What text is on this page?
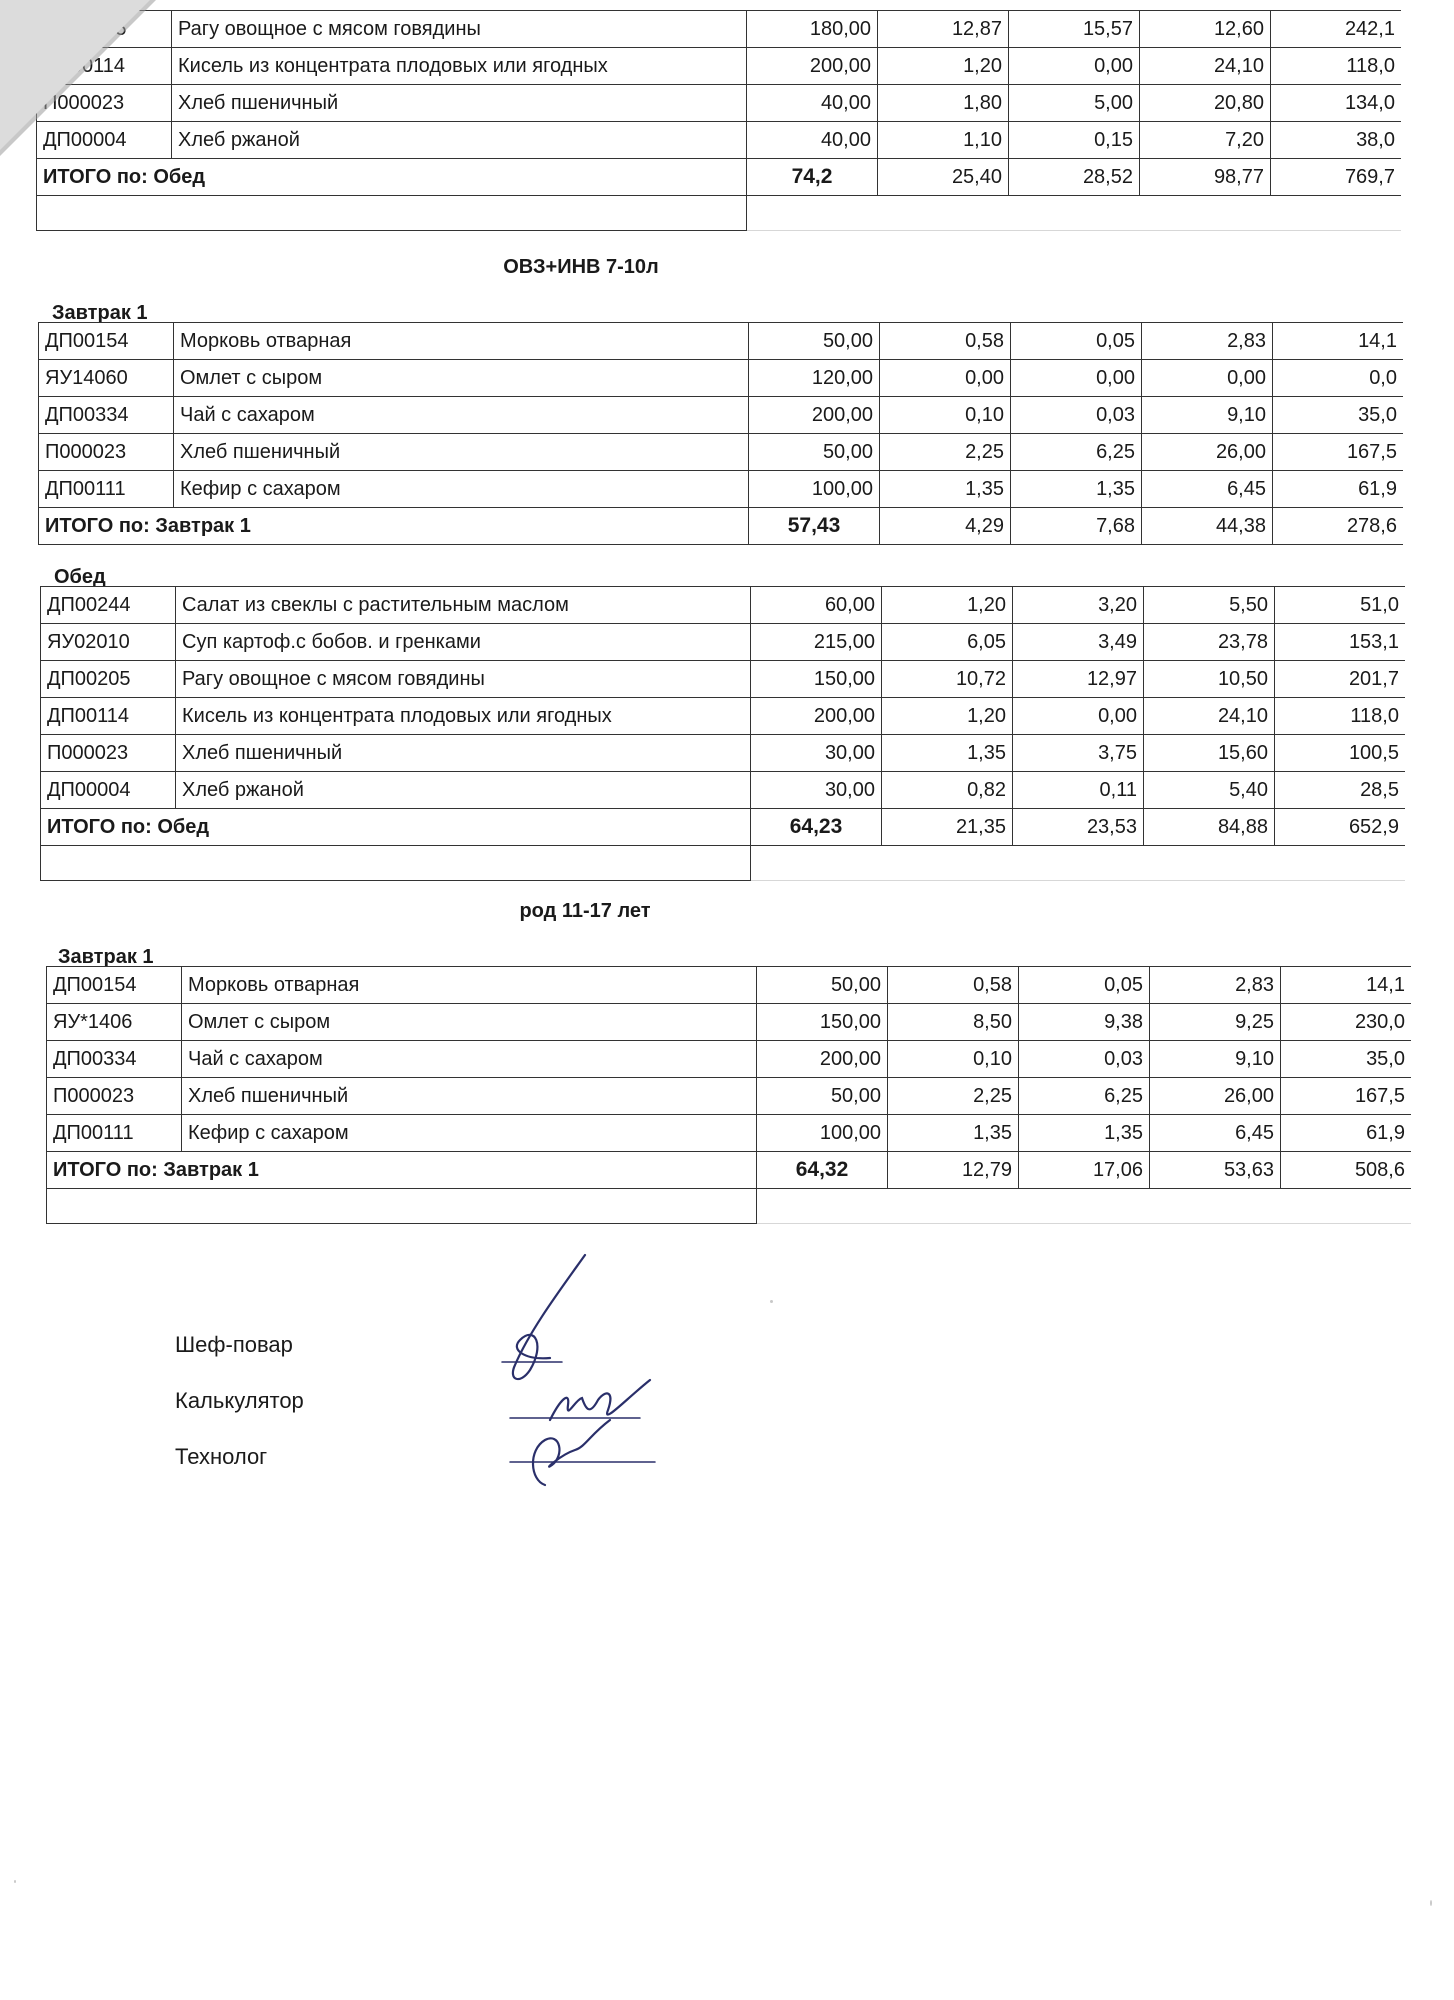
ДП00205	Рагу овощное с мясом говядины	180,00	12,87	15,57	12,60	242,1
ДП00114	Кисель из концентрата плодовых или ягодных	200,00	1,20	0,00	24,10	118,0
П000023	Хлеб пшеничный	40,00	1,80	5,00	20,80	134,0
ДП00004	Хлеб ржаной	40,00	1,10	0,15	7,20	38,0
ИТОГО по: Обед		74,2	25,40	28,52	98,77	769,7

ОВЗ+ИНВ 7-10л
Завтрак 1
ДП00154	Морковь отварная	50,00	0,58	0,05	2,83	14,1
ЯУ14060	Омлет с сыром	120,00	0,00	0,00	0,00	0,0
ДП00334	Чай с сахаром	200,00	0,10	0,03	9,10	35,0
П000023	Хлеб пшеничный	50,00	2,25	6,25	26,00	167,5
ДП00111	Кефир с сахаром	100,00	1,35	1,35	6,45	61,9
ИТОГО по: Завтрак 1		57,43	4,29	7,68	44,38	278,6
Обед
ДП00244	Салат из свеклы с растительным маслом	60,00	1,20	3,20	5,50	51,0
ЯУ02010	Суп картоф.с бобов. и гренками	215,00	6,05	3,49	23,78	153,1
ДП00205	Рагу овощное с мясом говядины	150,00	10,72	12,97	10,50	201,7
ДП00114	Кисель из концентрата плодовых или ягодных	200,00	1,20	0,00	24,10	118,0
П000023	Хлеб пшеничный	30,00	1,35	3,75	15,60	100,5
ДП00004	Хлеб ржаной	30,00	0,82	0,11	5,40	28,5
ИТОГО по: Обед		64,23	21,35	23,53	84,88	652,9

род 11-17 лет
Завтрак 1
ДП00154	Морковь отварная	50,00	0,58	0,05	2,83	14,1
ЯУ*1406	Омлет с сыром	150,00	8,50	9,38	9,25	230,0
ДП00334	Чай с сахаром	200,00	0,10	0,03	9,10	35,0
П000023	Хлеб пшеничный	50,00	2,25	6,25	26,00	167,5
ДП00111	Кефир с сахаром	100,00	1,35	1,35	6,45	61,9
ИТОГО по: Завтрак 1		64,32	12,79	17,06	53,63	508,6

Шеф-повар
Калькулятор
Технолог
